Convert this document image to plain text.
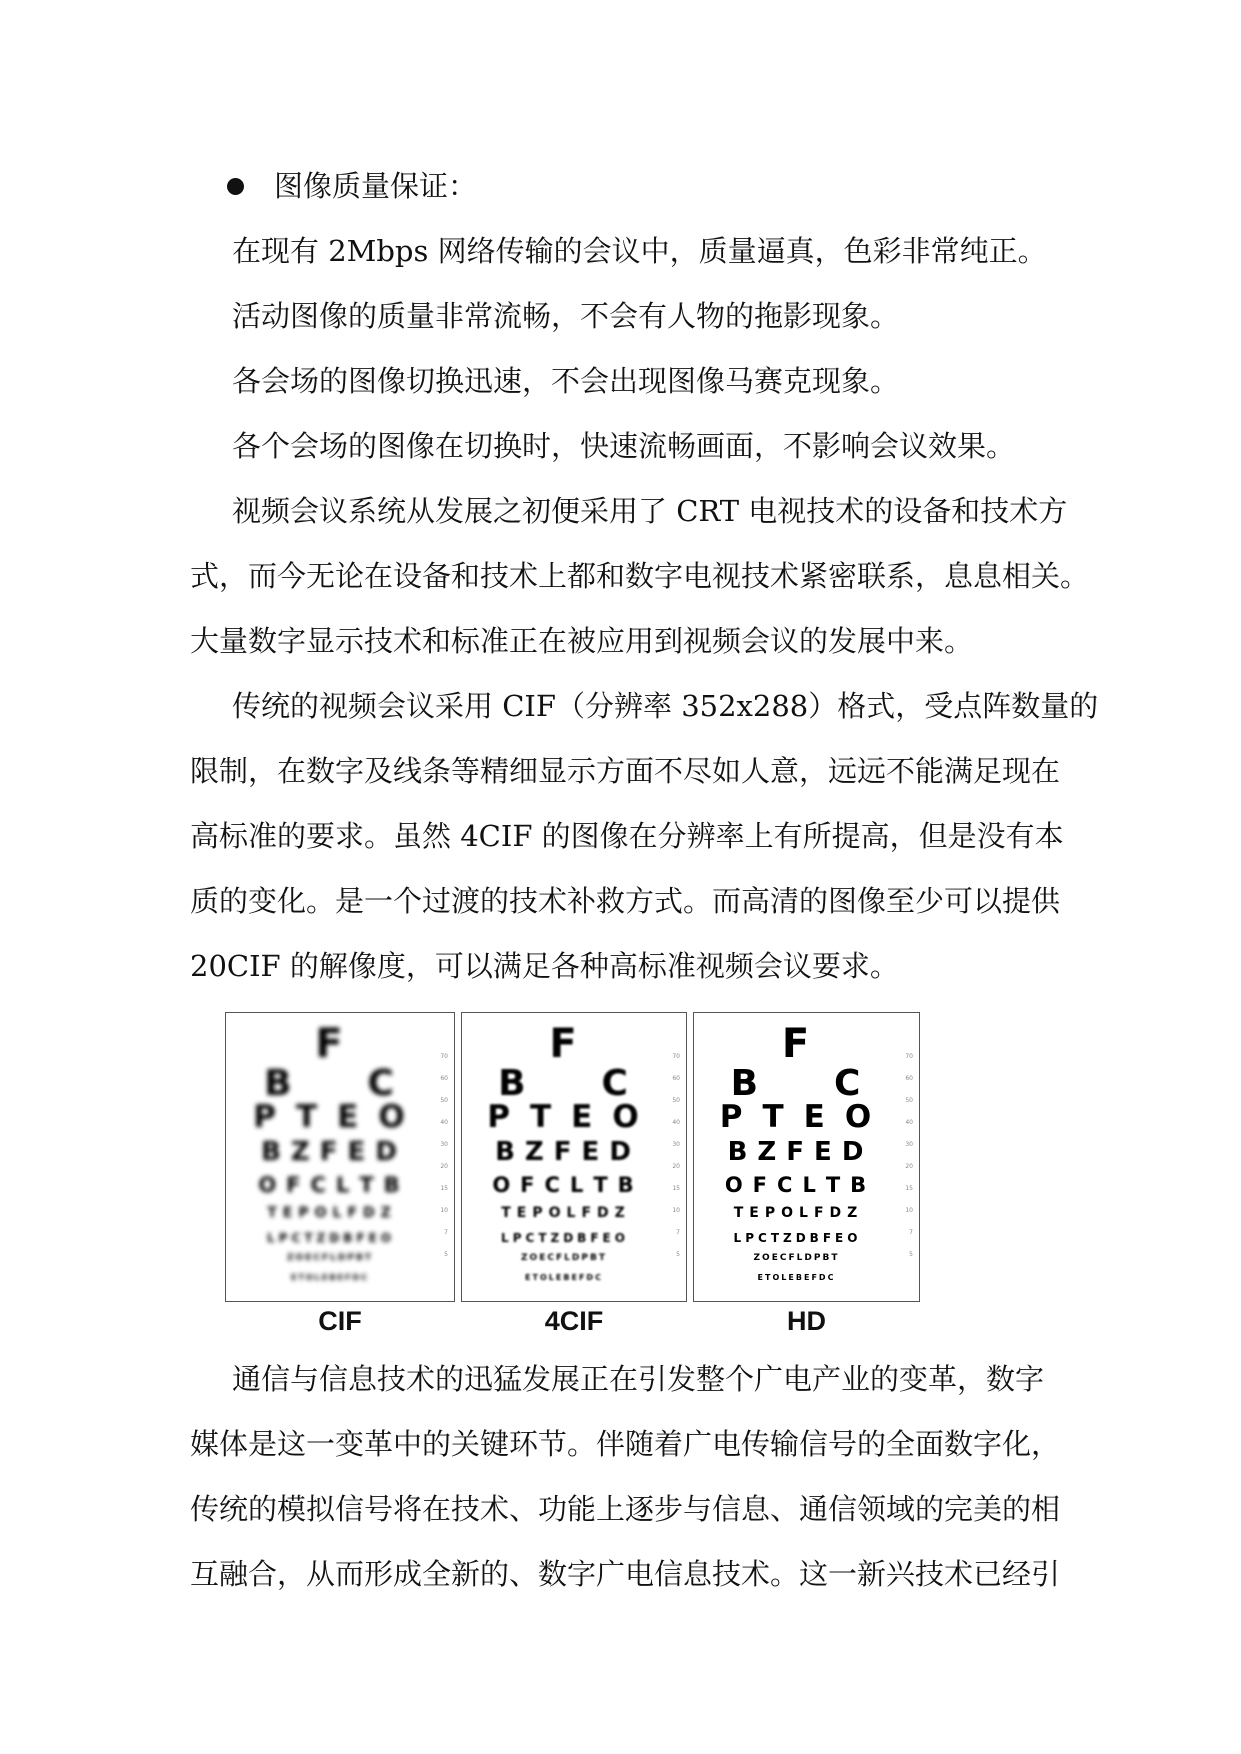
图像质量保证：
在现有 2Mbps 网络传输的会议中，质量逼真，色彩非常纯正。
活动图像的质量非常流畅，不会有人物的拖影现象。
各会场的图像切换迅速，不会出现图像马赛克现象。
各个会场的图像在切换时，快速流畅画面，不影响会议效果。
视频会议系统从发展之初便采用了 CRT 电视技术的设备和技术方
式，而今无论在设备和技术上都和数字电视技术紧密联系，息息相关。
大量数字显示技术和标准正在被应用到视频会议的发展中来。
传统的视频会议采用 CIF（分辨率 352x288）格式，受点阵数量的
限制，在数字及线条等精细显示方面不尽如人意，远远不能满足现在
高标准的要求。虽然 4CIF 的图像在分辨率上有所提高，但是没有本
质的变化。是一个过渡的技术补救方式。而高清的图像至少可以提供
20CIF 的解像度，可以满足各种高标准视频会议要求。
F
B C
P T E O
B Z F E D
O F C L T B
T E P O L F D Z
L P C T Z D B F E O
Z O E C F L D P B T
E T O L E B E F D C
70
60
50
40
30
20
15
10
7
5
F
B C
P T E O
B Z F E D
O F C L T B
T E P O L F D Z
L P C T Z D B F E O
Z O E C F L D P B T
E T O L E B E F D C
70
60
50
40
30
20
15
10
7
5
F
B C
P T E O
B Z F E D
O F C L T B
T E P O L F D Z
L P C T Z D B F E O
Z O E C F L D P B T
E T O L E B E F D C
70
60
50
40
30
20
15
10
7
5
CIF	4CIF	HD
通信与信息技术的迅猛发展正在引发整个广电产业的变革，数字
媒体是这一变革中的关键环节。伴随着广电传输信号的全面数字化，
传统的模拟信号将在技术、功能上逐步与信息、通信领域的完美的相
互融合，从而形成全新的、数字广电信息技术。这一新兴技术已经引
